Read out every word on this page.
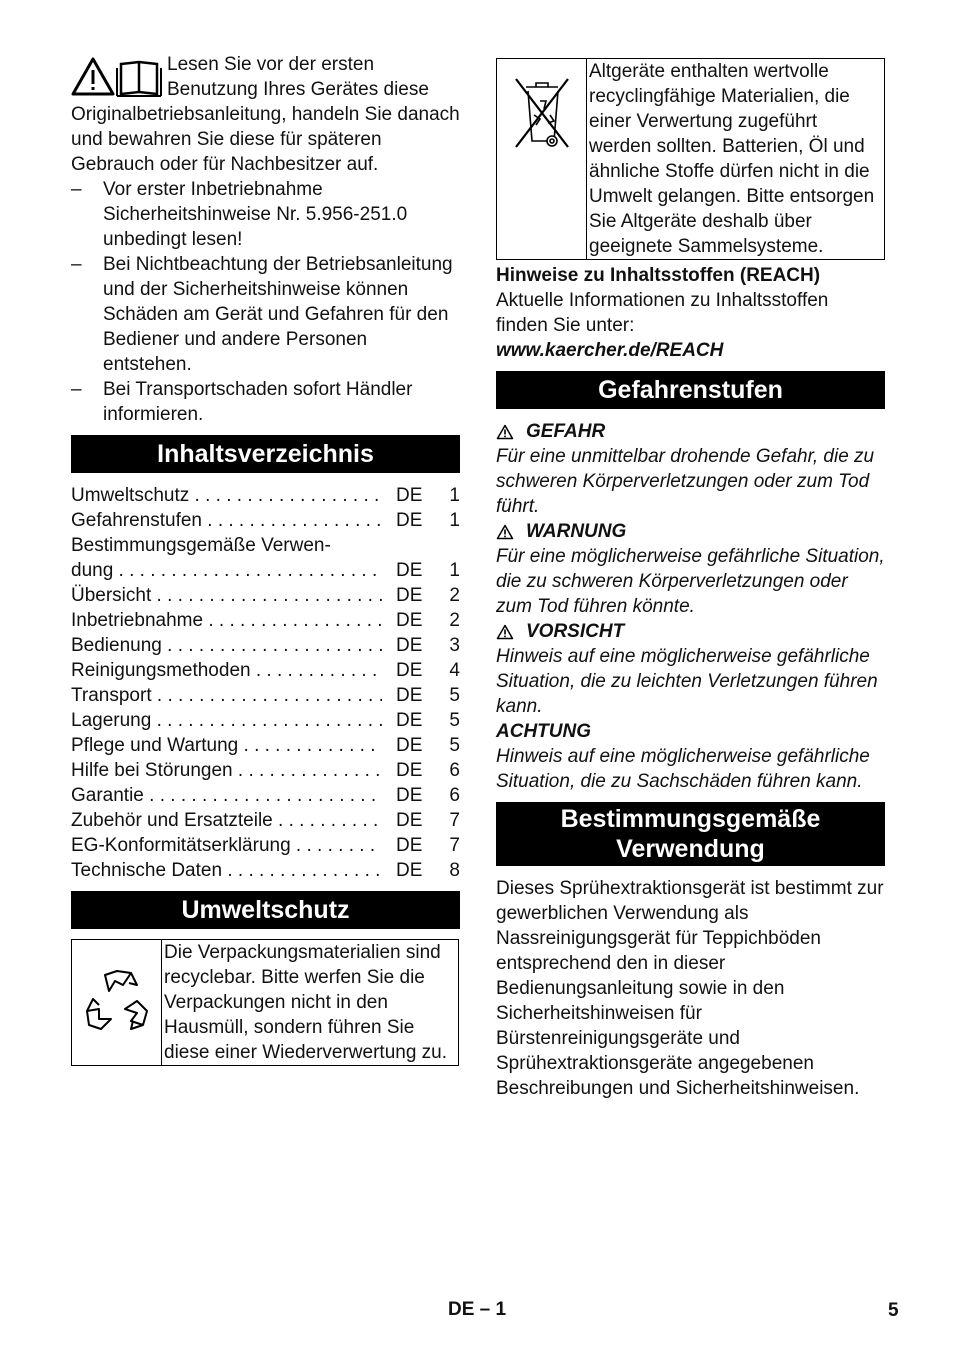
Lesen Sie vor der ersten Benutzung Ihres Gerätes diese Originalbetriebsanleitung, handeln Sie danach und bewahren Sie diese für späteren Gebrauch oder für Nachbesitzer auf.

– Vor erster Inbetriebnahme Sicherheitshinweise Nr. 5.956-251.0 unbedingt lesen!
– Bei Nichtbeachtung der Betriebsanleitung und der Sicherheitshinweise können Schäden am Gerät und Gefahren für den Bediener und andere Personen entstehen.
– Bei Transportschaden sofort Händler informieren.
Inhaltsverzeichnis
Umweltschutz . . .	DE	1
Gefahrenstufen . . .	DE	1
Bestimmungsgemäße Verwen-
dung . . .	DE	1
Übersicht . . .	DE	2
Inbetriebnahme . . .	DE	2
Bedienung . . .	DE	3
Reinigungsmethoden . . .	DE	4
Transport . . .	DE	5
Lagerung . . .	DE	5
Pflege und Wartung . . .	DE	5
Hilfe bei Störungen . . .	DE	6
Garantie . . .	DE	6
Zubehör und Ersatzteile . . .	DE	7
EG-Konformitätserklärung . . .	DE	7
Technische Daten . . .	DE	8
Umweltschutz
Die Verpackungsmaterialien sind recyclebar. Bitte werfen Sie die Verpackungen nicht in den Hausmüll, sondern führen Sie diese einer Wiederverwertung zu.
Altgeräte enthalten wertvolle recyclingfähige Materialien, die einer Verwertung zugeführt werden sollten. Batterien, Öl und ähnliche Stoffe dürfen nicht in die Umwelt gelangen. Bitte entsorgen Sie Altgeräte deshalb über geeignete Sammelsysteme.

Hinweise zu Inhaltsstoffen (REACH)

Aktuelle Informationen zu Inhaltsstoffen finden Sie unter:

www.kaercher.de/REACH

Gefahrenstufen
GEFAHR

Für eine unmittelbar drohende Gefahr, die zu schweren Körperverletzungen oder zum Tod führt.

WARNUNG

Für eine möglicherweise gefährliche Situation, die zu schweren Körperverletzungen oder zum Tod führen könnte.

VORSICHT

Hinweis auf eine möglicherweise gefährliche Situation, die zu leichten Verletzungen führen kann.

ACHTUNG

Hinweis auf eine möglicherweise gefährliche Situation, die zu Sachschäden führen kann.

Bestimmungsgemäße
Verwendung

Dieses Sprühextraktionsgerät ist bestimmt zur gewerblichen Verwendung als Nassreinigungsgerät für Teppichböden entsprechend den in dieser Bedienungsanleitung sowie in den Sicherheitshinweisen für Bürstenreinigungsgeräte und Sprühextraktionsgeräte angegebenen Beschreibungen und Sicherheitshinweisen.

DE – 1	5
